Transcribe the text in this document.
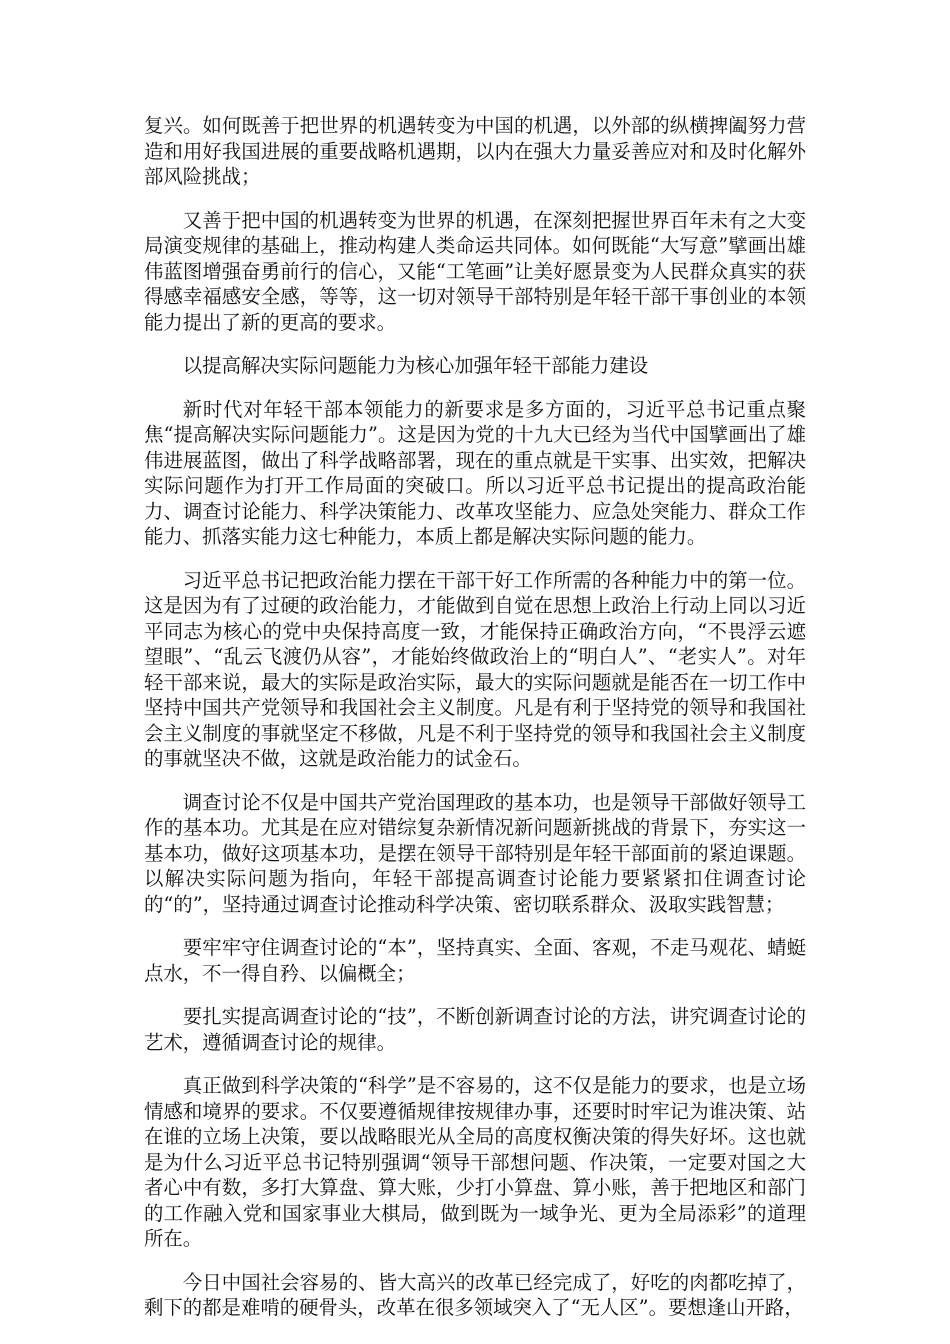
复兴。如何既善于把世界的机遇转变为中国的机遇，以外部的纵横捭阖努力营造和用好我国进展的重要战略机遇期，以内在强大力量妥善应对和及时化解外部风险挑战；

又善于把中国的机遇转变为世界的机遇，在深刻把握世界百年未有之大变局演变规律的基础上，推动构建人类命运共同体。如何既能“大写意”擘画出雄伟蓝图增强奋勇前行的信心，又能“工笔画”让美好愿景变为人民群众真实的获得感幸福感安全感，等等，这一切对领导干部特别是年轻干部干事创业的本领能力提出了新的更高的要求。

以提高解决实际问题能力为核心加强年轻干部能力建设

新时代对年轻干部本领能力的新要求是多方面的，习近平总书记重点聚焦“提高解决实际问题能力”。这是因为党的十九大已经为当代中国擘画出了雄伟进展蓝图，做出了科学战略部署，现在的重点就是干实事、出实效，把解决实际问题作为打开工作局面的突破口。所以习近平总书记提出的提高政治能力、调查讨论能力、科学决策能力、改革攻坚能力、应急处突能力、群众工作能力、抓落实能力这七种能力，本质上都是解决实际问题的能力。

习近平总书记把政治能力摆在干部干好工作所需的各种能力中的第一位。这是因为有了过硬的政治能力，才能做到自觉在思想上政治上行动上同以习近平同志为核心的党中央保持高度一致，才能保持正确政治方向，“不畏浮云遮望眼”、“乱云飞渡仍从容”，才能始终做政治上的“明白人”、“老实人”。对年轻干部来说，最大的实际是政治实际，最大的实际问题就是能否在一切工作中坚持中国共产党领导和我国社会主义制度。凡是有利于坚持党的领导和我国社会主义制度的事就坚定不移做，凡是不利于坚持党的领导和我国社会主义制度的事就坚决不做，这就是政治能力的试金石。

调查讨论不仅是中国共产党治国理政的基本功，也是领导干部做好领导工作的基本功。尤其是在应对错综复杂新情况新问题新挑战的背景下，夯实这一基本功，做好这项基本功，是摆在领导干部特别是年轻干部面前的紧迫课题。以解决实际问题为指向，年轻干部提高调查讨论能力要紧紧扣住调查讨论的“的”，坚持通过调查讨论推动科学决策、密切联系群众、汲取实践智慧；

要牢牢守住调查讨论的“本”，坚持真实、全面、客观，不走马观花、蜻蜓点水，不一得自矜、以偏概全；

要扎实提高调查讨论的“技”，不断创新调查讨论的方法，讲究调查讨论的艺术，遵循调查讨论的规律。

真正做到科学决策的“科学”是不容易的，这不仅是能力的要求，也是立场情感和境界的要求。不仅要遵循规律按规律办事，还要时时牢记为谁决策、站在谁的立场上决策，要以战略眼光从全局的高度权衡决策的得失好坏。这也就是为什么习近平总书记特别强调“领导干部想问题、作决策，一定要对国之大者心中有数，多打大算盘、算大账，少打小算盘、算小账，善于把地区和部门的工作融入党和国家事业大棋局，做到既为一域争光、更为全局添彩”的道理所在。

今日中国社会容易的、皆大高兴的改革已经完成了，好吃的肉都吃掉了，剩下的都是难啃的硬骨头，改革在很多领域突入了“无人区”。要想逢山开路，
